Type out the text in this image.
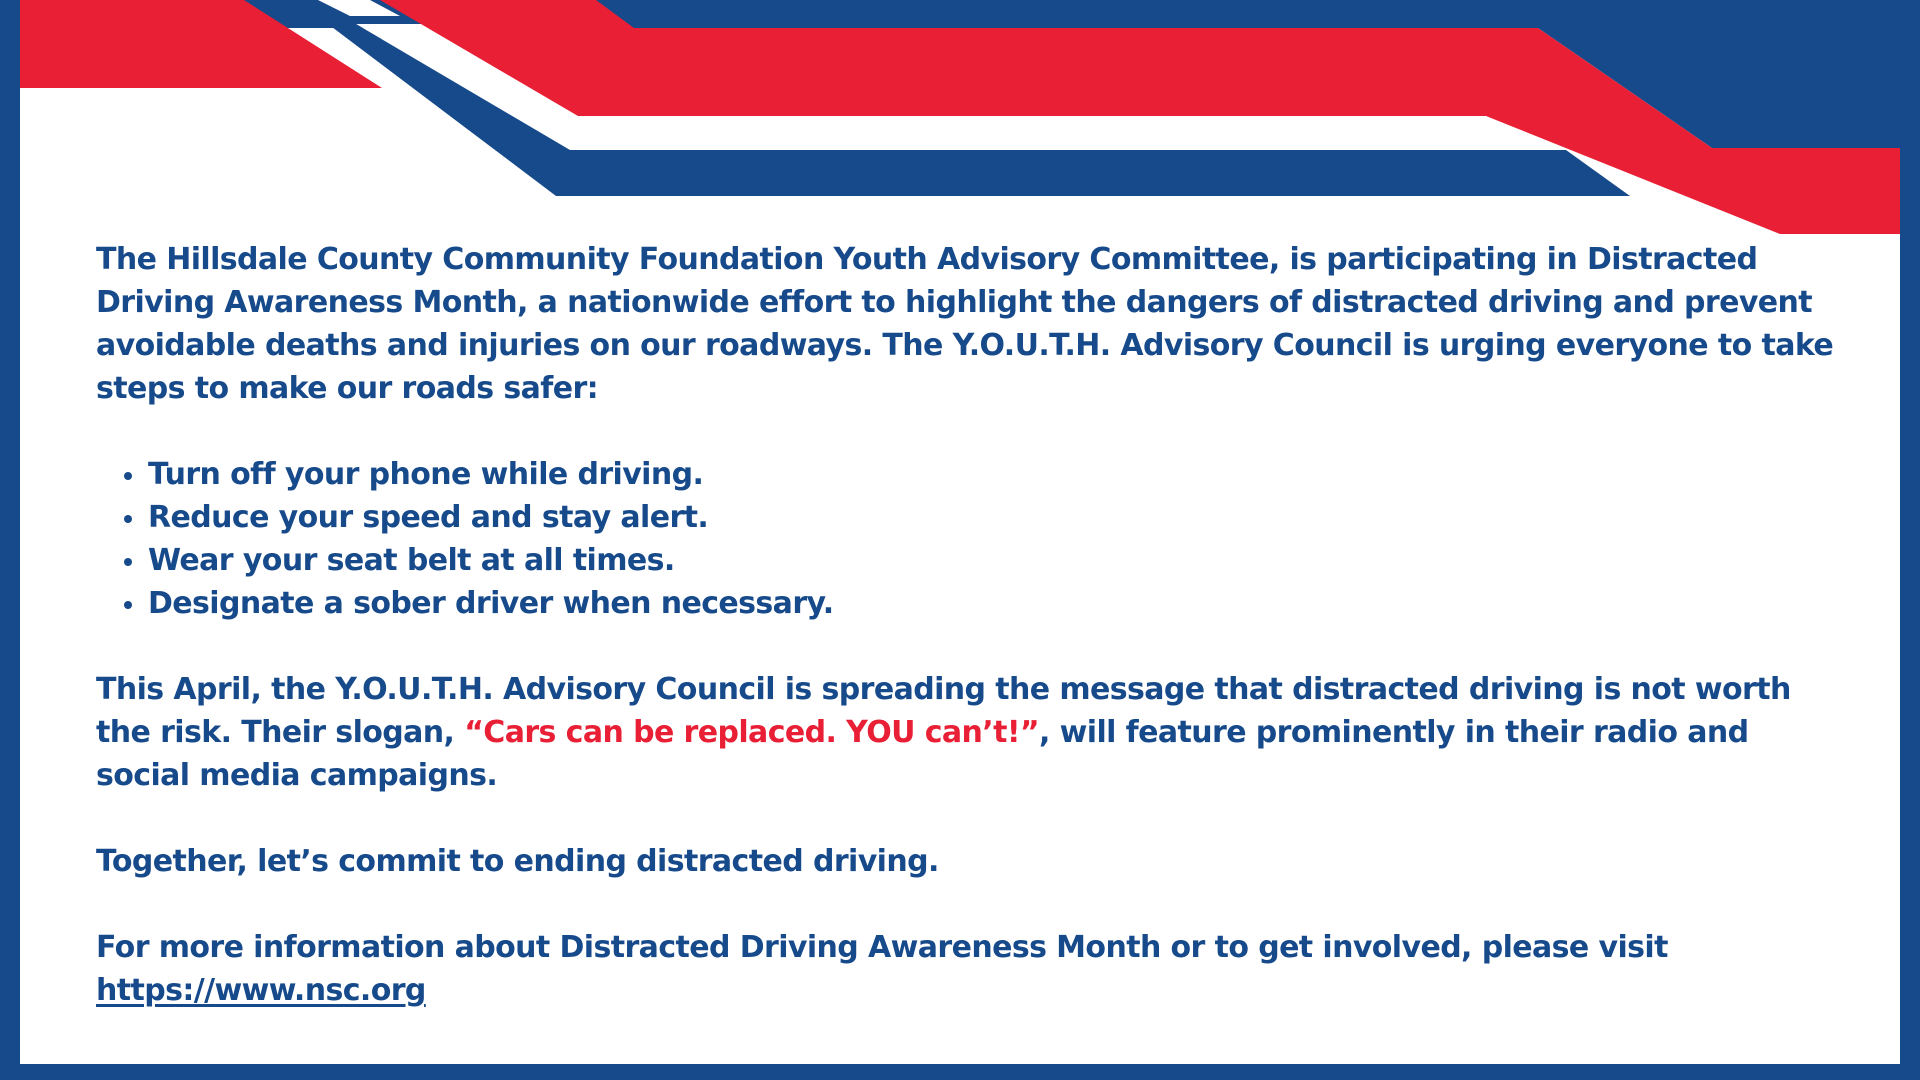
The Hillsdale County Community Foundation Youth Advisory Committee, is participating in Distracted Driving Awareness Month, a nationwide effort to highlight the dangers of distracted driving and prevent avoidable deaths and injuries on our roadways. The Y.O.U.T.H. Advisory Council is urging everyone to take steps to make our roads safer:

Turn off your phone while driving.
Reduce your speed and stay alert.
Wear your seat belt at all times.
Designate a sober driver when necessary.

This April, the Y.O.U.T.H. Advisory Council is spreading the message that distracted driving is not worth the risk. Their slogan, “Cars can be replaced. YOU can’t!”, will feature prominently in their radio and social media campaigns.

Together, let’s commit to ending distracted driving.

For more information about Distracted Driving Awareness Month or to get involved, please visit

https://www.nsc.org
